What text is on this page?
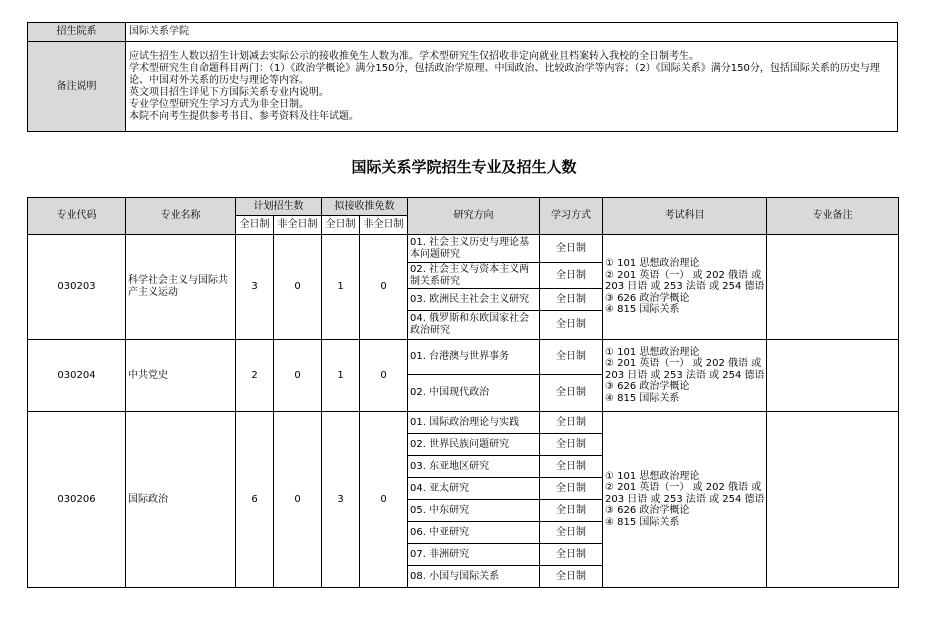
招生院系	国际关系学院
备注说明	应试生招生人数以招生计划减去实际公示的接收推免生人数为准。学术型研究生仅招收非定向就业且档案转入我校的全日制考生。
学术型研究生自命题科目两门：（1）《政治学概论》满分150分，包括政治学原理、中国政治、比较政治学等内容；（2）《国际关系》满分150分，包括国际关系的历史与理论、中国对外关系的历史与理论等内容。
英文项目招生详见下方国际关系专业内说明。
专业学位型研究生学习方式为非全日制。
本院不向考生提供参考书目、参考资料及往年试题。
国际关系学院招生专业及招生人数
专业代码	专业名称	计划招生数		拟接收推免数		研究方向	学习方式	考试科目	专业备注
		全日制	非全日制	全日制	非全日制				
030203	科学社会主义与国际共产主义运动	3	0	1	0	01. 社会主义历史与理论基本问题研究	全日制	① 101 思想政治理论
② 201 英语（一） 或 202 俄语 或 203 日语 或 253 法语 或 254 德语
③ 626 政治学概论
④ 815 国际关系	

						02. 社会主义与资本主义两制关系研究	全日制		
						03. 欧洲民主社会主义研究	全日制		
						04. 俄罗斯和东欧国家社会政治研究	全日制		
030204	中共党史	2	0	1	0	01. 台港澳与世界事务	全日制	① 101 思想政治理论
② 201 英语（一） 或 202 俄语 或 203 日语 或 253 法语 或 254 德语
③ 626 政治学概论
④ 815 国际关系	

						02. 中国现代政治	全日制		
030206	国际政治	6	0	3	0	01. 国际政治理论与实践	全日制	① 101 思想政治理论
② 201 英语（一） 或 202 俄语 或 203 日语 或 253 法语 或 254 德语
③ 626 政治学概论
④ 815 国际关系	

						02. 世界民族问题研究	全日制		
						03. 东亚地区研究	全日制		
						04. 亚太研究	全日制		
						05. 中东研究	全日制		
						06. 中亚研究	全日制		
						07. 非洲研究	全日制		
						08. 小国与国际关系	全日制		
